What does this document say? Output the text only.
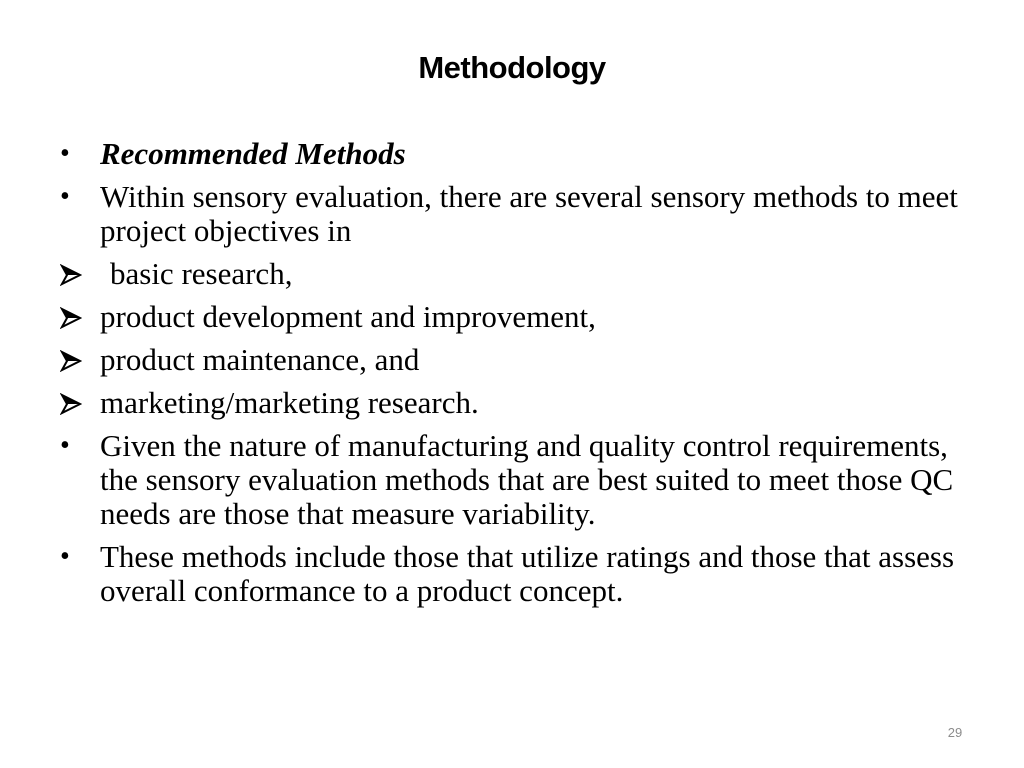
Methodology
• Recommended Methods
• Within sensory evaluation, there are several sensory methods to meet project objectives in
basic research,
product development and improvement,
product maintenance, and
marketing/marketing research.
• Given the nature of manufacturing and quality control requirements, the sensory evaluation methods that are best suited to meet those QC needs are those that measure variability.
• These methods include those that utilize ratings and those that assess overall conformance to a product concept.
29
